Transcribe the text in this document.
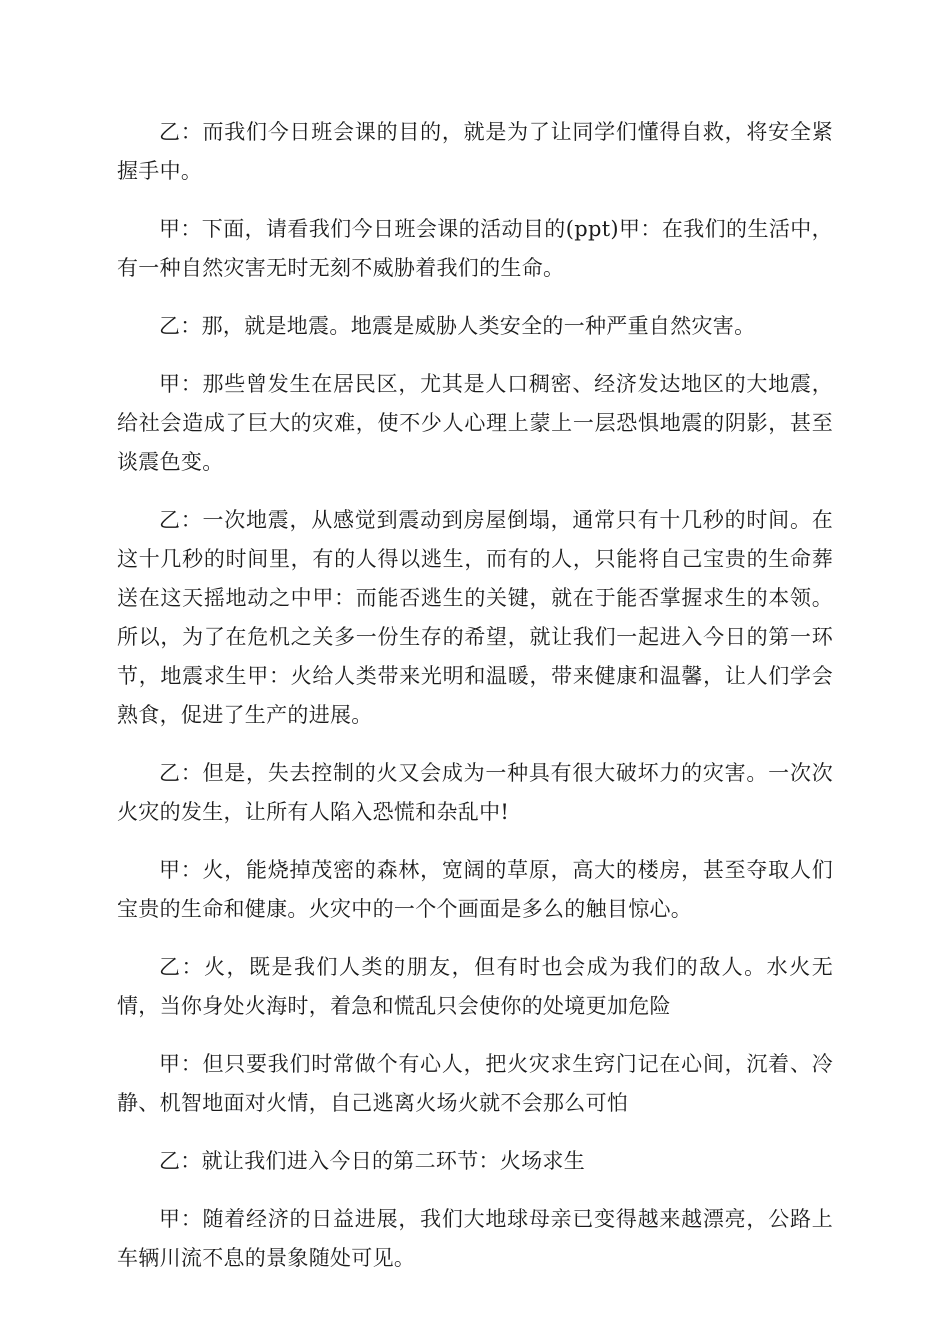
乙：而我们今日班会课的目的，就是为了让同学们懂得自救，将安全紧握手中。

甲：下面，请看我们今日班会课的活动目的(ppt)甲：在我们的生活中，有一种自然灾害无时无刻不威胁着我们的生命。

乙：那，就是地震。地震是威胁人类安全的一种严重自然灾害。

甲：那些曾发生在居民区，尤其是人口稠密、经济发达地区的大地震，给社会造成了巨大的灾难，使不少人心理上蒙上一层恐惧地震的阴影，甚至谈震色变。

乙：一次地震，从感觉到震动到房屋倒塌，通常只有十几秒的时间。在这十几秒的时间里，有的人得以逃生，而有的人，只能将自己宝贵的生命葬送在这天摇地动之中甲：而能否逃生的关键，就在于能否掌握求生的本领。所以，为了在危机之关多一份生存的希望，就让我们一起进入今日的第一环节，地震求生甲：火给人类带来光明和温暖，带来健康和温馨，让人们学会熟食，促进了生产的进展。

乙：但是，失去控制的火又会成为一种具有很大破坏力的灾害。一次次火灾的发生，让所有人陷入恐慌和杂乱中!

甲：火，能烧掉茂密的森林，宽阔的草原，高大的楼房，甚至夺取人们宝贵的生命和健康。火灾中的一个个画面是多么的触目惊心。

乙：火，既是我们人类的朋友，但有时也会成为我们的敌人。水火无情，当你身处火海时，着急和慌乱只会使你的处境更加危险

甲：但只要我们时常做个有心人，把火灾求生窍门记在心间，沉着、冷静、机智地面对火情，自己逃离火场火就不会那么可怕

乙：就让我们进入今日的第二环节：火场求生

甲：随着经济的日益进展，我们大地球母亲已变得越来越漂亮，公路上车辆川流不息的景象随处可见。
